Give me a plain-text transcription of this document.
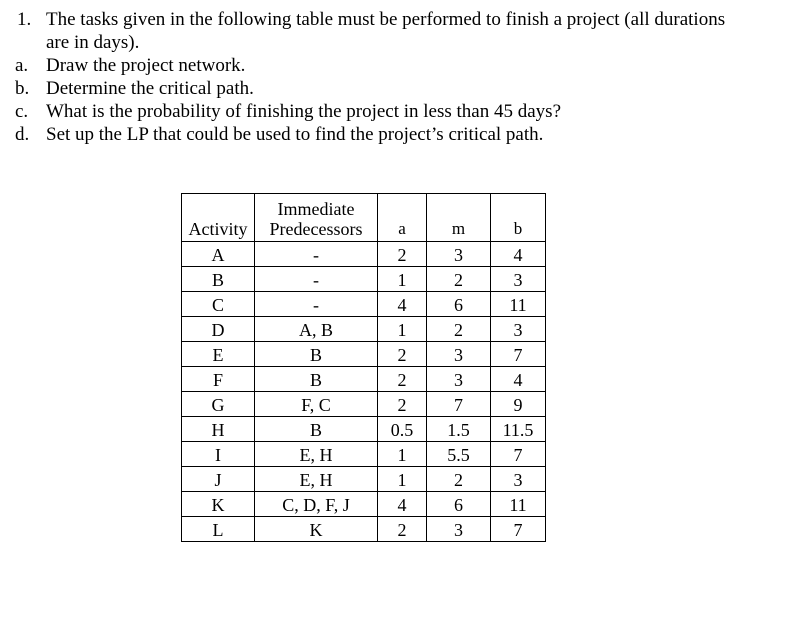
1. The tasks given in the following table must be performed to finish a project (all durations
are in days).
a. Draw the project network.
b. Determine the critical path.
c. What is the probability of finishing the project in less than 45 days?
d. Set up the LP that could be used to find the project’s critical path.
Activity	Immediate
Predecessors	a	m	b
A	-	2	3	4
B	-	1	2	3
C	-	4	6	11
D	A, B	1	2	3
E	B	2	3	7
F	B	2	3	4
G	F, C	2	7	9
H	B	0.5	1.5	11.5
I	E, H	1	5.5	7
J	E, H	1	2	3
K	C, D, F, J	4	6	11
L	K	2	3	7
